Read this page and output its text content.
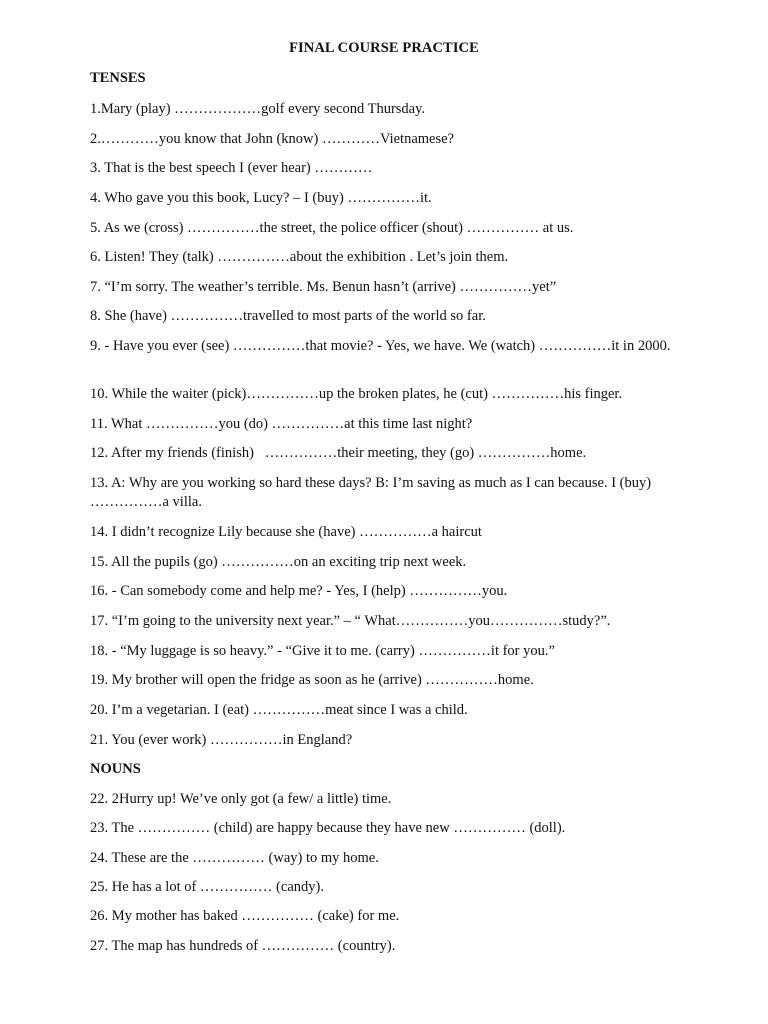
FINAL COURSE PRACTICE
TENSES
1.Mary (play) ………………golf every second Thursday.
2.…………you know that John (know) …………Vietnamese?
3. That is the best speech I (ever hear) …………
4. Who gave you this book, Lucy? – I (buy) ……………it.
5. As we (cross) ……………the street, the police officer (shout) …………… at us.
6. Listen! They (talk) ……………about the exhibition . Let’s join them.
7. “I’m sorry. The weather’s terrible. Ms. Benun hasn’t (arrive) ……………yet”
8. She (have) ……………travelled to most parts of the world so far.
9. - Have you ever (see) ……………that movie? - Yes, we have. We (watch) ……………it in 2000.
10. While the waiter (pick)……………up the broken plates, he (cut) ……………his finger.
11. What ……………you (do) ……………at this time last night?
12. After my friends (finish)   ……………their meeting, they (go) ……………home.
13. A: Why are you working so hard these days? B: I’m saving as much as I can because. I (buy) ……………a villa.
14. I didn’t recognize Lily because she (have) ……………a haircut
15. All the pupils (go) ……………on an exciting trip next week.
16. - Can somebody come and help me? - Yes, I (help) ……………you.
17. “I’m going to the university next year.” – “ What……………you……………study?”.
18. - “My luggage is so heavy.” - “Give it to me. (carry) ……………it for you.”
19. My brother will open the fridge as soon as he (arrive) ……………home.
20. I’m a vegetarian. I (eat) ……………meat since I was a child.
21. You (ever work) ……………in England?
NOUNS
22. 2Hurry up! We’ve only got (a few/ a little) time.
23. The …………… (child) are happy because they have new …………… (doll).
24. These are the …………… (way) to my home.
25. He has a lot of …………… (candy).
26. My mother has baked …………… (cake) for me.
27. The map has hundreds of …………… (country).
